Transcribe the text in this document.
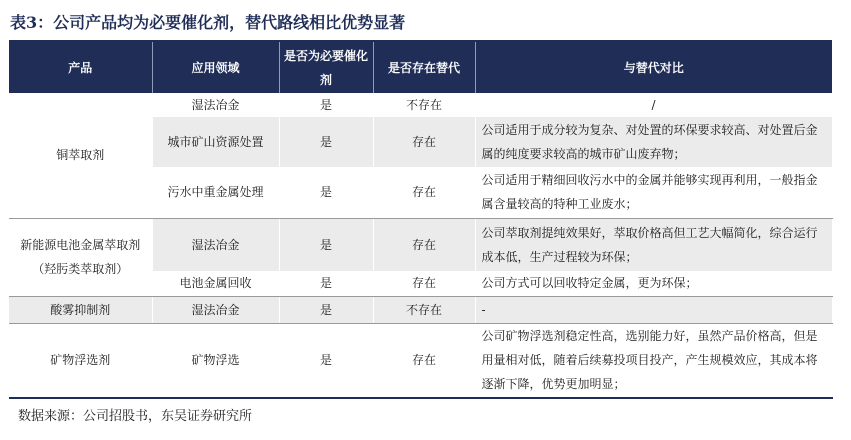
表3：公司产品均为必要催化剂，替代路线相比优势显著
产品	应用领域	是否为必要催化剂	是否存在替代	与替代对比
铜萃取剂	湿法冶金	是	不存在	/
	城市矿山资源处置	是	存在	公司适用于成分较为复杂、对处置的环保要求较高、对处置后金属的纯度要求较高的城市矿山废弃物；
	污水中重金属处理	是	存在	公司适用于精细回收污水中的金属并能够实现再利用，一般指金属含量较高的特种工业废水；
新能源电池金属萃取剂（羟肟类萃取剂）	湿法冶金	是	存在	公司萃取剂提纯效果好，萃取价格高但工艺大幅简化，综合运行成本低，生产过程较为环保；
	电池金属回收	是	存在	公司方式可以回收特定金属，更为环保；
酸雾抑制剂	湿法冶金	是	不存在	-
矿物浮选剂	矿物浮选	是	存在	公司矿物浮选剂稳定性高，选别能力好，虽然产品价格高，但是用量相对低，随着后续募投项目投产，产生规模效应，其成本将逐渐下降，优势更加明显；
数据来源：公司招股书，东吴证券研究所
